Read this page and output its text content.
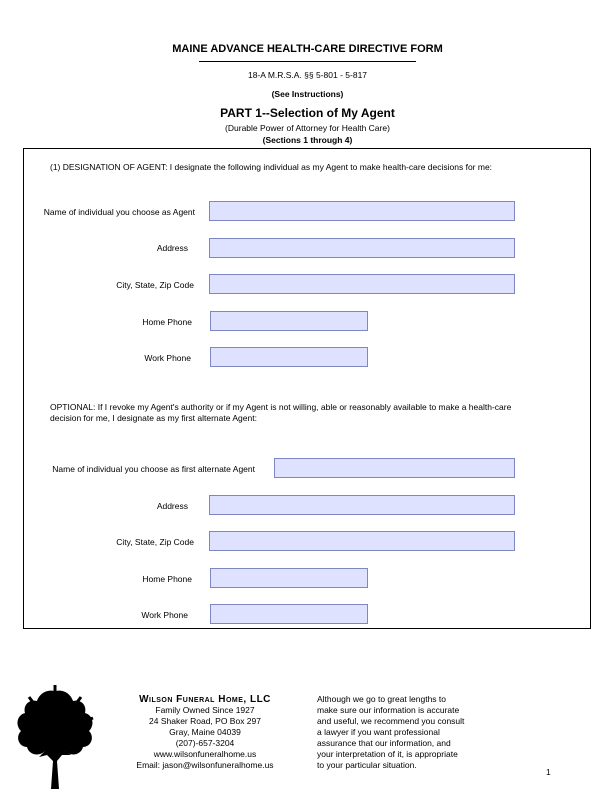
MAINE ADVANCE HEALTH-CARE DIRECTIVE FORM
18-A M.R.S.A. §§ 5-801 - 5-817
(See Instructions)
PART 1--Selection of My Agent
(Durable Power of Attorney for Health Care)
(Sections 1 through 4)
(1) DESIGNATION OF AGENT: I designate the following individual as my Agent to make health-care decisions for me:
Name of individual you choose as Agent
Address
City, State, Zip Code
Home Phone
Work Phone
OPTIONAL: If I revoke my Agent's authority or if my Agent is not willing, able or reasonably available to make a health-care
decision for me, I designate as my first alternate Agent:
Name of individual you choose as first alternate Agent
Address
City, State, Zip Code
Home Phone
Work Phone
Wilson Funeral Home, LLC
Family Owned Since 1927
24 Shaker Road, PO Box 297
Gray, Maine 04039
(207)-657-3204
www.wilsonfuneralhome.us
Email: jason@wilsonfuneralhome.us
Although we go to great lengths to
make sure our information is accurate
and useful, we recommend you consult
a lawyer if you want professional
assurance that our information, and
your interpretation of it, is appropriate
to your particular situation.
1
